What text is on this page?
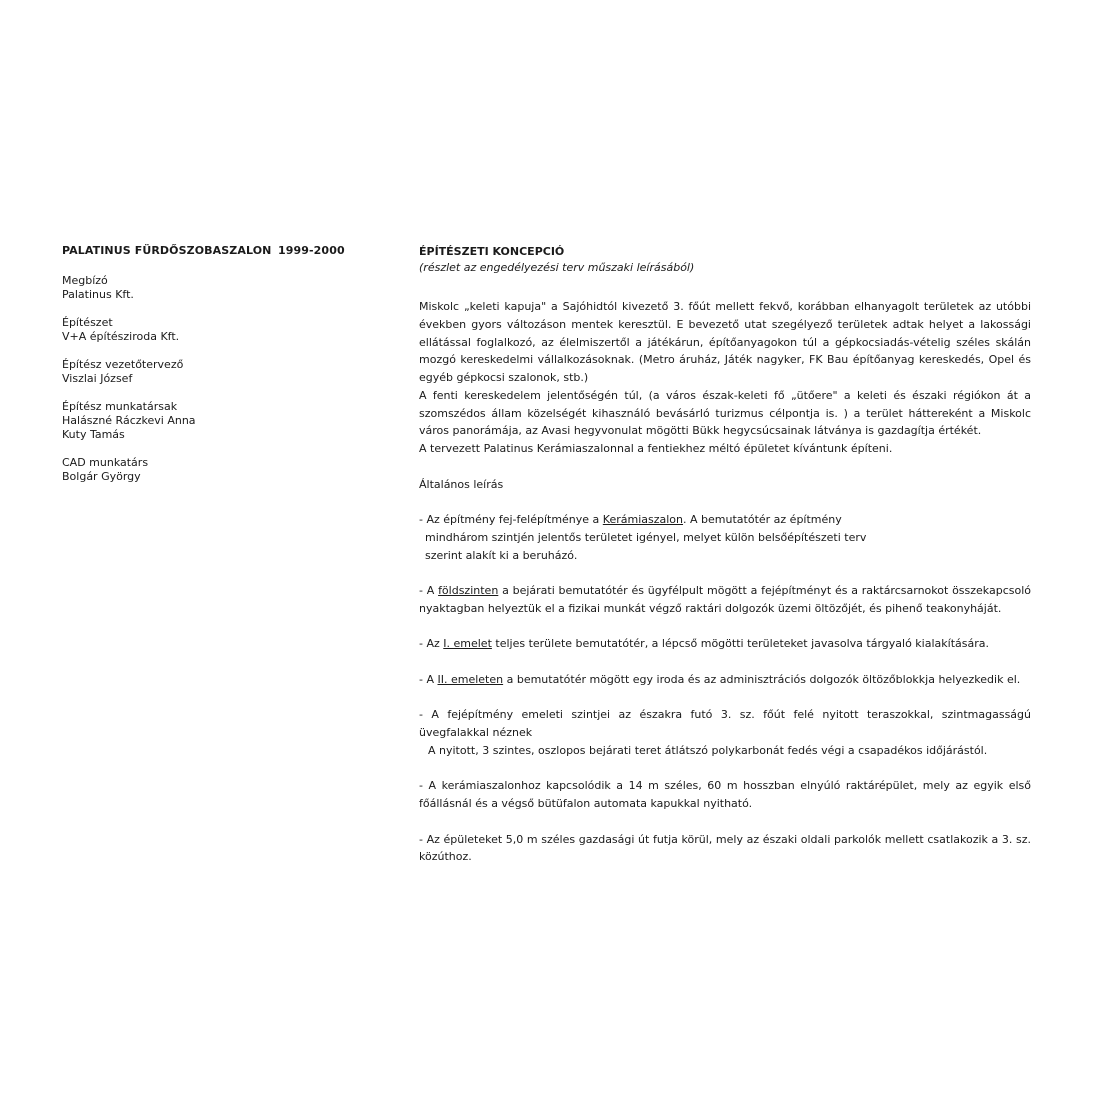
PALATINUS FÜRDŐSZOBASZALON 1999-2000
Megbízó
Palatinus Kft.
Építészet
V+A építésziroda Kft.
Építész vezetőtervező
Viszlai József
Építész munkatársak
Halászné Ráczkevi Anna
Kuty Tamás
CAD munkatárs
Bolgár György
ÉPÍTÉSZETI KONCEPCIÓ
(részlet az engedélyezési terv műszaki leírásából)

Miskolc „keleti kapuja" a Sajóhidtól kivezető 3. főút mellett fekvő, korábban elhanyagolt területek az utóbbi években gyors változáson mentek keresztül. E bevezető utat szegélyező területek adtak helyet a lakossági ellátással foglalkozó, az élelmiszertől a játékárun, építőanyagokon túl a gépkocsiadás-vételig széles skálán mozgó kereskedelmi vállalkozásoknak. (Metro áruház, Játék nagyker, FK Bau építőanyag kereskedés, Opel és egyéb gépkocsi szalonok, stb.)

A fenti kereskedelem jelentőségén túl, (a város észak-keleti fő „ütőere" a keleti és északi régiókon át a szomszédos állam közelségét kihasználó bevásárló turizmus célpontja is. ) a terület háttereként a Miskolc város panorámája, az Avasi hegyvonulat mögötti Bükk hegycsúcsainak látványa is gazdagítja értékét.

A tervezett Palatinus Kerámiaszalonnal a fentiekhez méltó épületet kívántunk építeni.

Általános leírás

- Az építmény fej-felépítménye a Kerámiaszalon. A bemutatótér az építmény
mindhárom szintjén jelentős területet igényel, melyet külön belsőépítészeti terv
szerint alakít ki a beruházó.

- A földszinten a bejárati bemutatótér és ügyfélpult mögött a fejépítményt és a raktárcsarnokot összekapcsoló nyaktagban helyeztük el a fizikai munkát végző raktári dolgozók üzemi öltözőjét, és pihenő teakonyháját.

- Az I. emelet teljes területe bemutatótér, a lépcső mögötti területeket javasolva tárgyaló kialakítására.

- A II. emeleten a bemutatótér mögött egy iroda és az adminisztrációs dolgozók öltözőblokkja helyezkedik el.

- A fejépítmény emeleti szintjei az északra futó 3. sz. főút felé nyitott teraszokkal, szintmagasságú üvegfalakkal néznek

A nyitott, 3 szintes, oszlopos bejárati teret átlátszó polykarbonát fedés végi a csapadékos időjárástól.

- A kerámiaszalonhoz kapcsolódik a 14 m széles, 60 m hosszban elnyúló raktárépület, mely az egyik első főállásnál és a végső bütüfalon automata kapukkal nyitható.

- Az épületeket 5,0 m széles gazdasági út futja körül, mely az északi oldali parkolók mellett csatlakozik a 3. sz. közúthoz.
